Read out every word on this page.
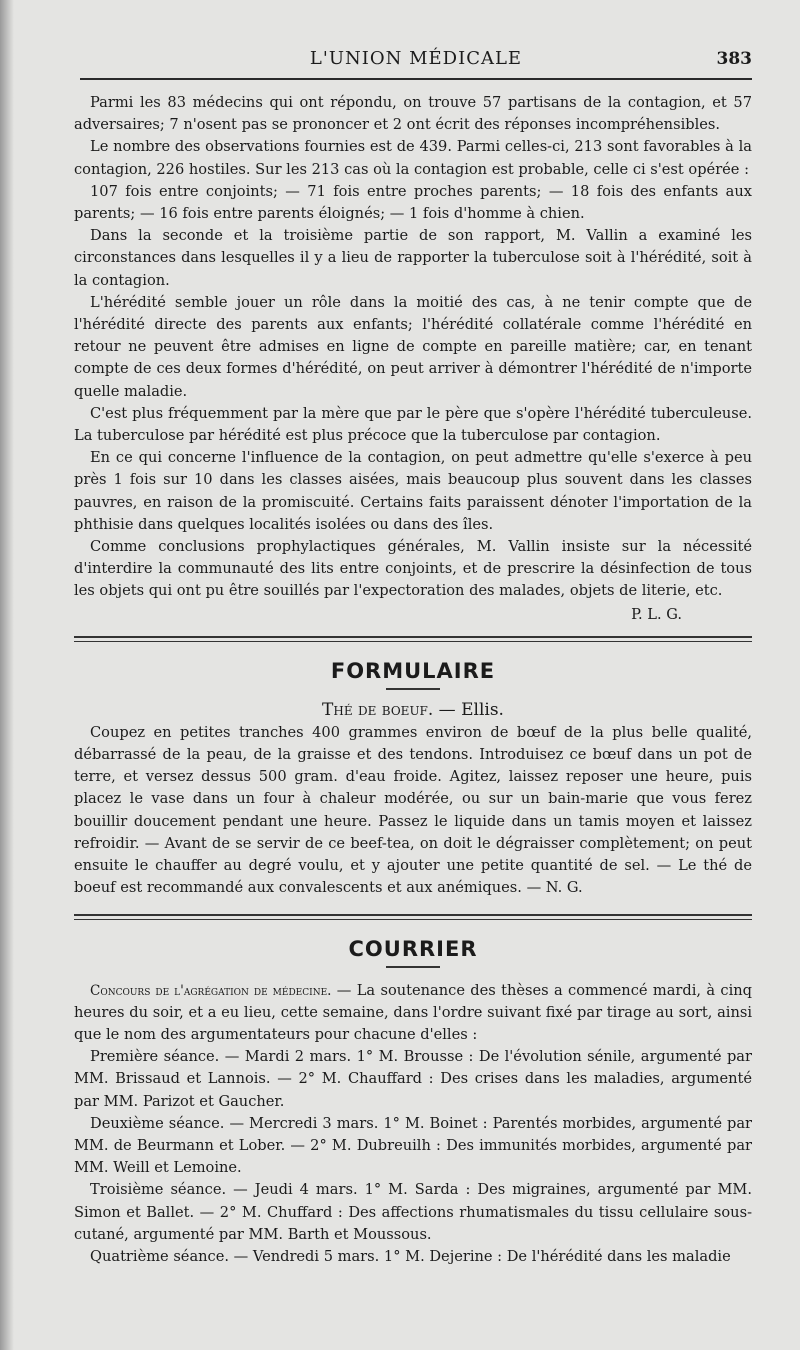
L'UNION MÉDICALE	383

Parmi les 83 médecins qui ont répondu, on trouve 57 partisans de la contagion, et 57 adversaires; 7 n'osent pas se prononcer et 2 ont écrit des réponses incompréhensibles.

Le nombre des observations fournies est de 439. Parmi celles-ci, 213 sont favorables à la contagion, 226 hostiles. Sur les 213 cas où la contagion est probable, celle ci s'est opérée :

107 fois entre conjoints; — 71 fois entre proches parents; — 18 fois des enfants aux parents; — 16 fois entre parents éloignés; — 1 fois d'homme à chien.

Dans la seconde et la troisième partie de son rapport, M. Vallin a examiné les circonstances dans lesquelles il y a lieu de rapporter la tuberculose soit à l'hérédité, soit à la contagion.

L'hérédité semble jouer un rôle dans la moitié des cas, à ne tenir compte que de l'hérédité directe des parents aux enfants; l'hérédité collatérale comme l'hérédité en retour ne peuvent être admises en ligne de compte en pareille matière; car, en tenant compte de ces deux formes d'hérédité, on peut arriver à démontrer l'hérédité de n'importe quelle maladie.

C'est plus fréquemment par la mère que par le père que s'opère l'hérédité tuberculeuse. La tuberculose par hérédité est plus précoce que la tuberculose par contagion.

En ce qui concerne l'influence de la contagion, on peut admettre qu'elle s'exerce à peu près 1 fois sur 10 dans les classes aisées, mais beaucoup plus souvent dans les classes pauvres, en raison de la promiscuité. Certains faits paraissent dénoter l'importation de la phthisie dans quelques localités isolées ou dans des îles.

Comme conclusions prophylactiques générales, M. Vallin insiste sur la nécessité d'interdire la communauté des lits entre conjoints, et de prescrire la désinfection de tous les objets qui ont pu être souillés par l'expectoration des malades, objets de literie, etc.

P. L. G.
FORMULAIRE
Thé de boeuf. — Ellis.

Coupez en petites tranches 400 grammes environ de bœuf de la plus belle qualité, débarrassé de la peau, de la graisse et des tendons. Introduisez ce bœuf dans un pot de terre, et versez dessus 500 gram. d'eau froide. Agitez, laissez reposer une heure, puis placez le vase dans un four à chaleur modérée, ou sur un bain-marie que vous ferez bouillir doucement pendant une heure. Passez le liquide dans un tamis moyen et laissez refroidir. — Avant de se servir de ce beef-tea, on doit le dégraisser complètement; on peut ensuite le chauffer au degré voulu, et y ajouter une petite quantité de sel. — Le thé de boeuf est recommandé aux convalescents et aux anémiques. — N. G.

COURRIER

Concours de l'agrégation de médecine. — La soutenance des thèses a commencé mardi, à cinq heures du soir, et a eu lieu, cette semaine, dans l'ordre suivant fixé par tirage au sort, ainsi que le nom des argumentateurs pour chacune d'elles :

Première séance. — Mardi 2 mars. 1° M. Brousse : De l'évolution sénile, argumenté par MM. Brissaud et Lannois. — 2° M. Chauffard : Des crises dans les maladies, argumenté par MM. Parizot et Gaucher.

Deuxième séance. — Mercredi 3 mars. 1° M. Boinet : Parentés morbides, argumenté par MM. de Beurmann et Lober. — 2° M. Dubreuilh : Des immunités morbides, argumenté par MM. Weill et Lemoine.

Troisième séance. — Jeudi 4 mars. 1° M. Sarda : Des migraines, argumenté par MM. Simon et Ballet. — 2° M. Chuffard : Des affections rhumatismales du tissu cellulaire sous-cutané, argumenté par MM. Barth et Moussous.

Quatrième séance. — Vendredi 5 mars. 1° M. Dejerine : De l'hérédité dans les maladie
